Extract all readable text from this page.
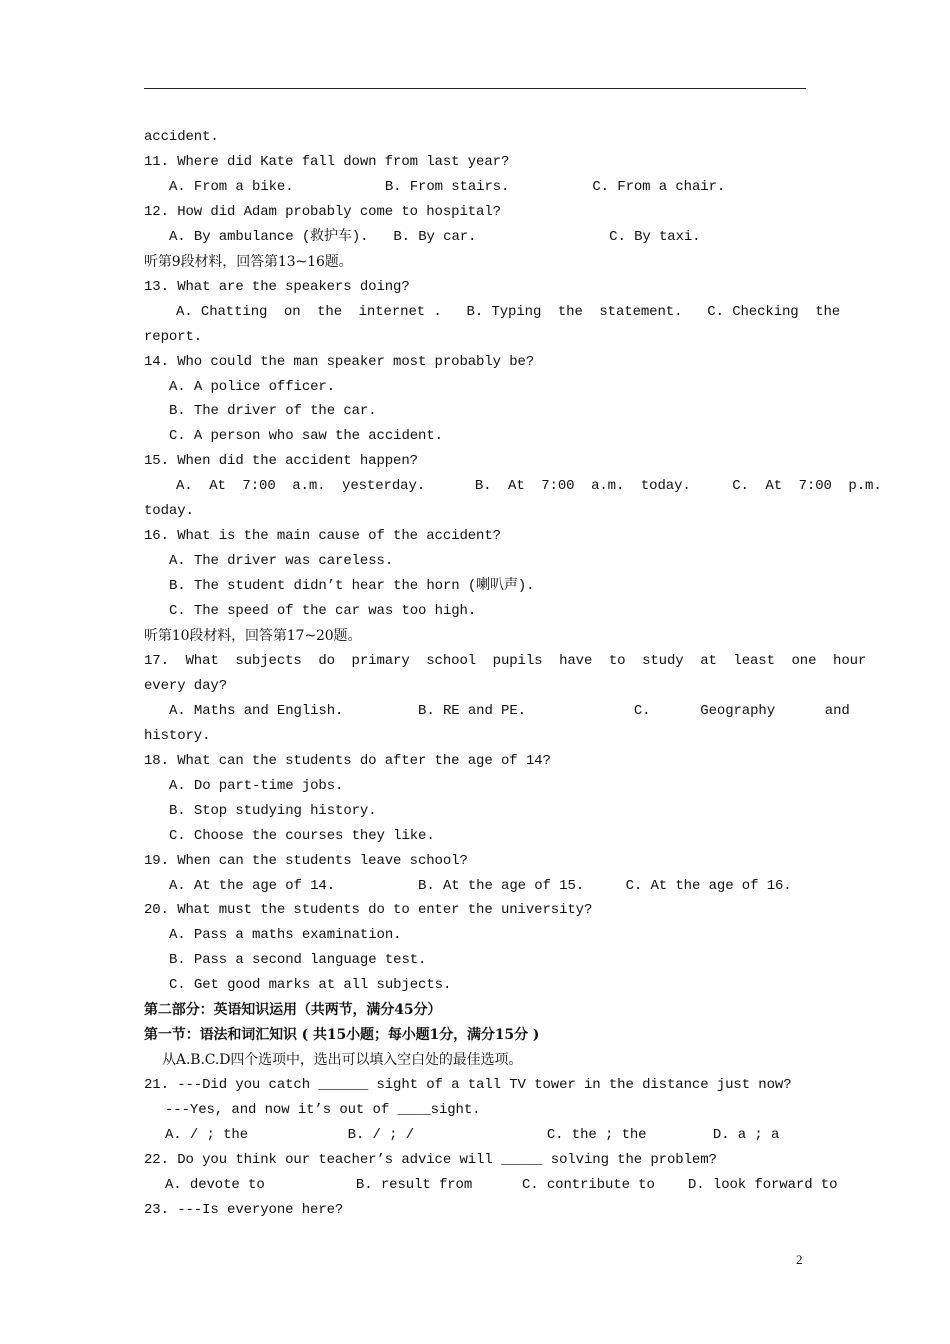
accident.
11. Where did Kate fall down from last year?
A. From a bike.           B. From stairs.          C. From a chair.
12. How did Adam probably come to hospital?
A. By ambulance (救护车).   B. By car.                C. By taxi.
听第9段材料，回答第13~16题。
13. What are the speakers doing?
A. Chatting  on  the  internet .   B. Typing  the  statement.   C. Checking  the
report.
14. Who could the man speaker most probably be?
A. A police officer.
B. The driver of the car.
C. A person who saw the accident.
15. When did the accident happen?
A.  At  7:00  a.m.  yesterday.      B.  At  7:00  a.m.  today.     C.  At  7:00  p.m.
today.
16. What is the main cause of the accident?
A. The driver was careless.
B. The student didn’t hear the horn (喇叭声).
C. The speed of the car was too high.
听第10段材料，回答第17~20题。
17.  What  subjects  do  primary  school  pupils  have  to  study  at  least  one  hour
every day?
A. Maths and English.         B. RE and PE.             C.      Geography      and
history.
18. What can the students do after the age of 14?
A. Do part-time jobs.
B. Stop studying history.
C. Choose the courses they like.
19. When can the students leave school?
A. At the age of 14.          B. At the age of 15.     C. At the age of 16.
20. What must the students do to enter the university?
A. Pass a maths examination.
B. Pass a second language test.
C. Get good marks at all subjects.
第二部分：英语知识运用（共两节，满分45分）
第一节：语法和词汇知识 ( 共15小题；每小题1分，满分15分 )
从A.B.C.D四个选项中，选出可以填入空白处的最佳选项。
21. ---Did you catch ______ sight of a tall TV tower in the distance just now?
---Yes, and now it’s out of ____sight.
A. / ; the            B. / ; /                C. the ; the        D. a ; a
22. Do you think our teacher’s advice will _____ solving the problem?
A. devote to           B. result from      C. contribute to    D. look forward to
23. ---Is everyone here?
2
